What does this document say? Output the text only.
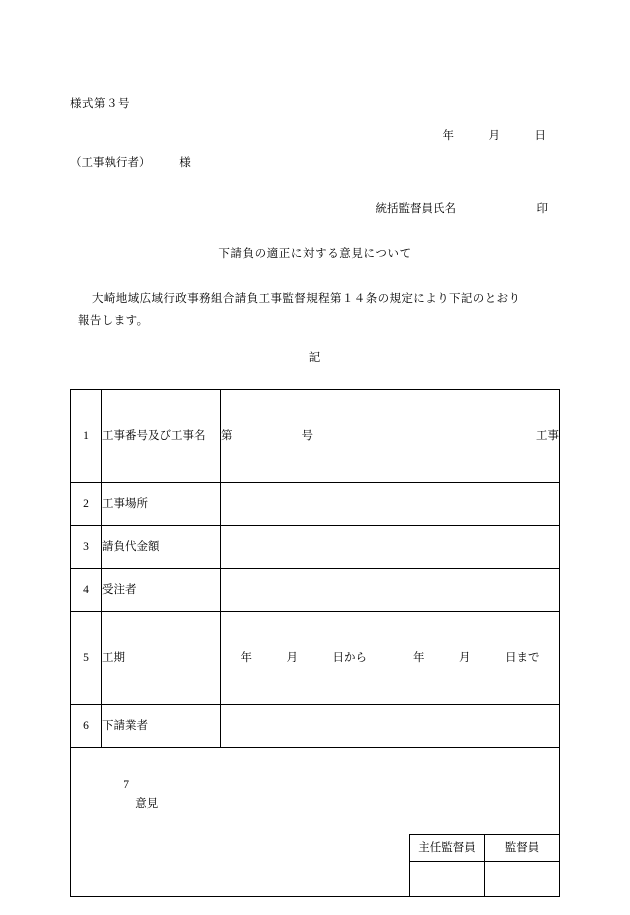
様式第３号
年　　　月　　　日
（工事執行者）　　　様
統括監督員氏名　　　　　　　印
下請負の適正に対する意見について
大崎地域広域行政事務組合請負工事監督規程第１４条の規定により下記のとおり
報告します。
記
1	工事番号及び工事名	第　　　　　　号	工事

2	工事場所	
3	請負代金額	
4	受注者	
5	工期	年　　　月　　　日から　　　　年　　　月　　　日まで

6	下請業者	

7
意見

主任監督員	監督員
